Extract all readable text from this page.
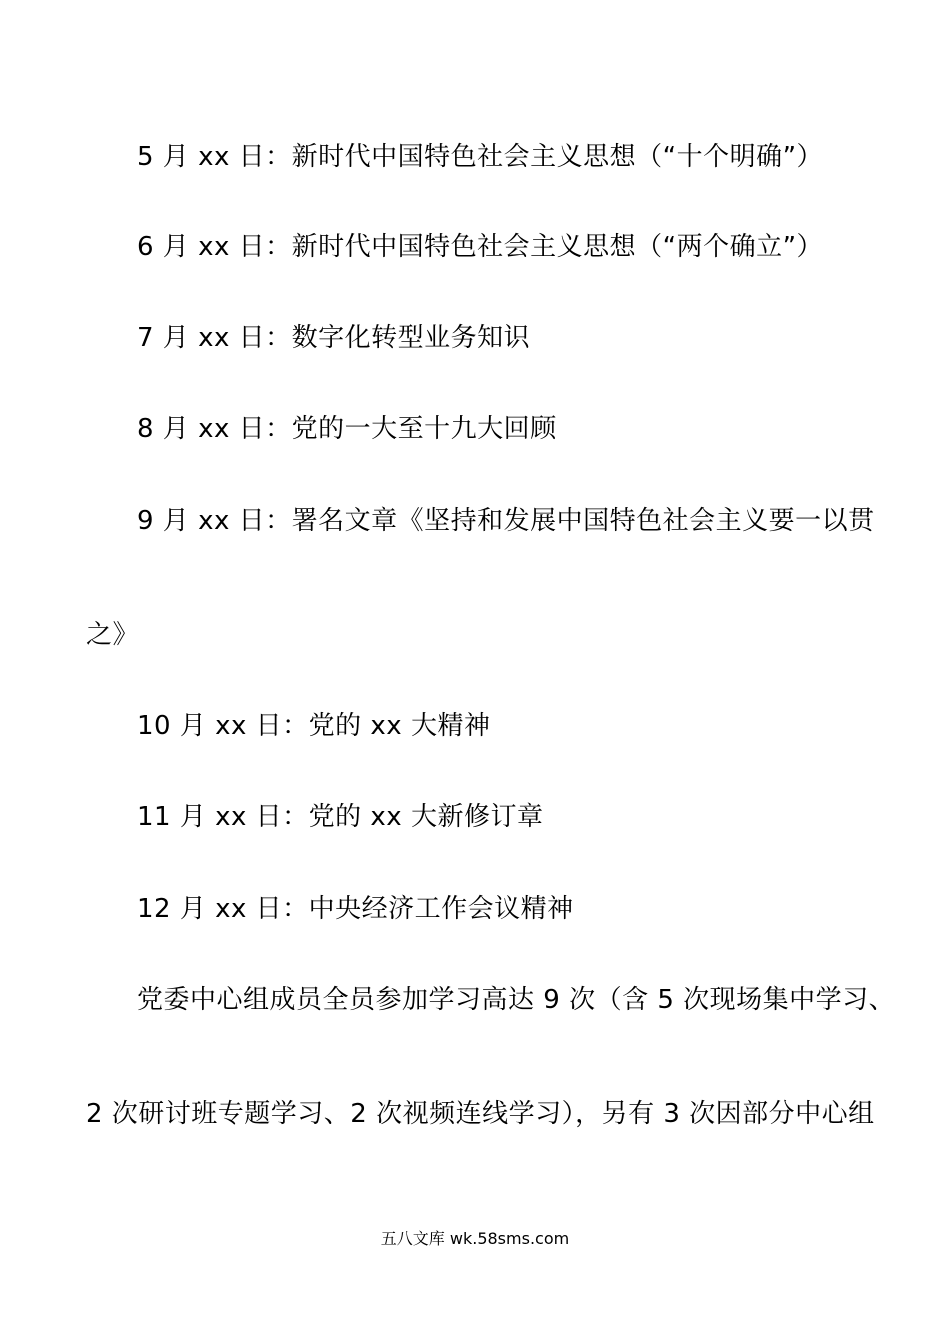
5 月 xx 日：新时代中国特色社会主义思想（“十个明确”）
6 月 xx 日：新时代中国特色社会主义思想（“两个确立”）
7 月 xx 日：数字化转型业务知识
8 月 xx 日：党的一大至十九大回顾
9 月 xx 日：署名文章《坚持和发展中国特色社会主义要一以贯
之》
10 月 xx 日：党的 xx 大精神
11 月 xx 日：党的 xx 大新修订章
12 月 xx 日：中央经济工作会议精神
党委中心组成员全员参加学习高达 9 次（含 5 次现场集中学习、
2 次研讨班专题学习、2 次视频连线学习），另有 3 次因部分中心组
五八文库 wk.58sms.com
